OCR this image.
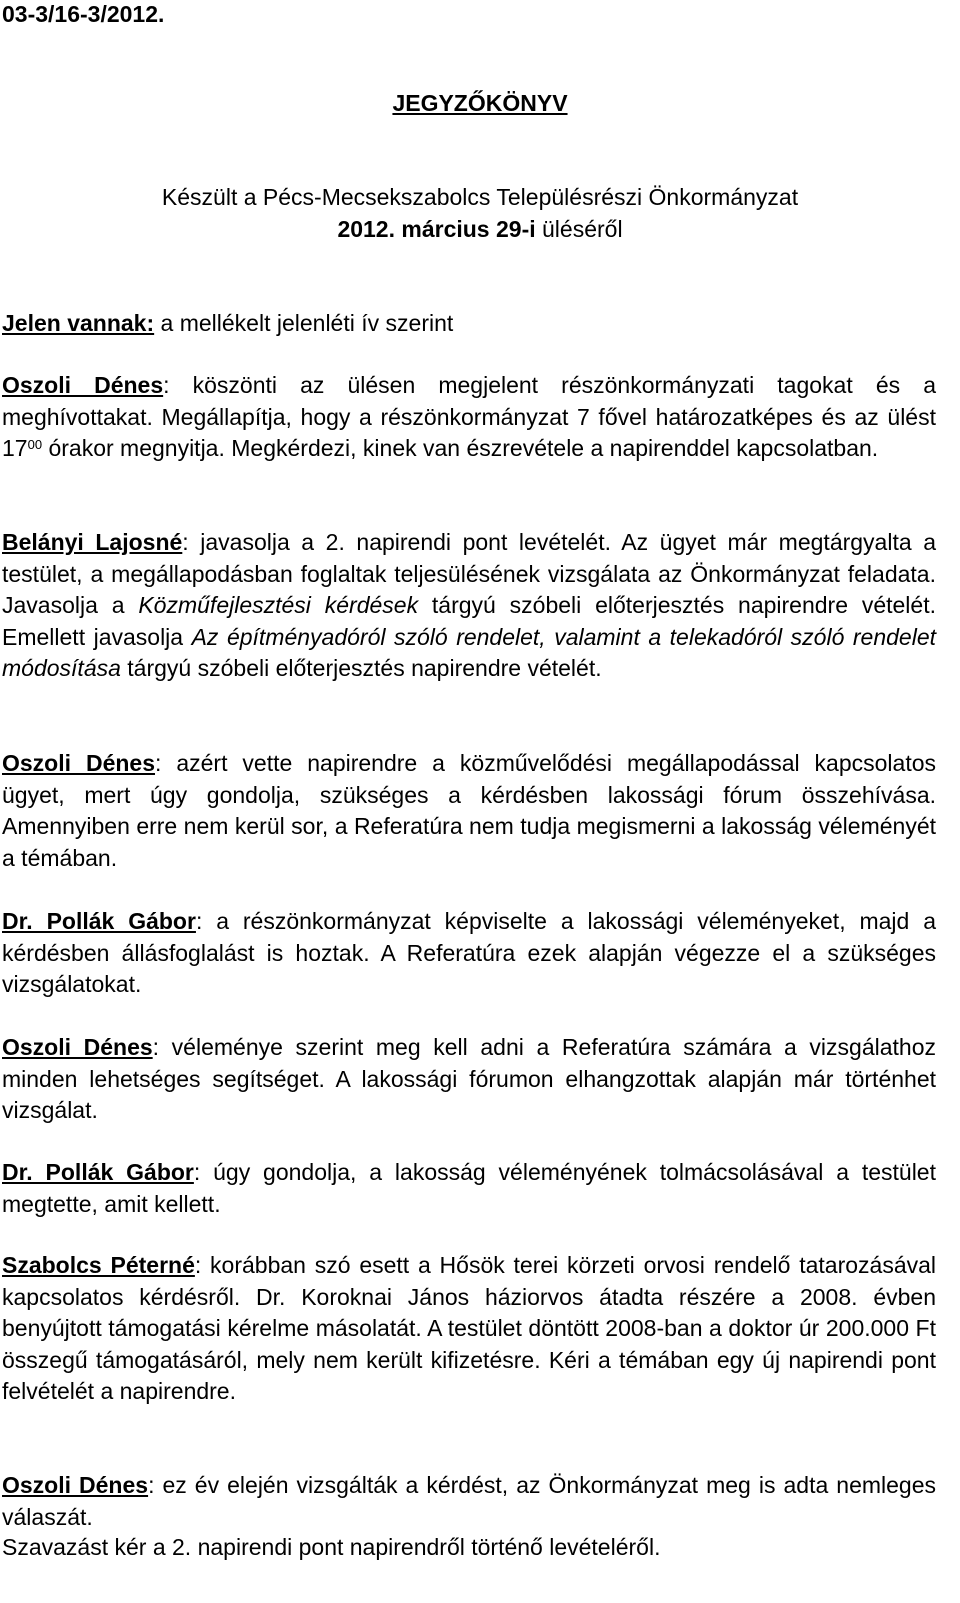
03-3/16-3/2012.
JEGYZŐKÖNYV
Készült a Pécs-Mecsekszabolcs Településrészi Önkormányzat
2012. március 29-i üléséről
Jelen vannak: a mellékelt jelenléti ív szerint
Oszoli Dénes: köszönti az ülésen megjelent részönkormányzati tagokat és a meghívottakat. Megállapítja, hogy a részönkormányzat 7 fővel határozatképes és az ülést $17^{00}$ órakor megnyitja. Megkérdezi, kinek van észrevétele a napirenddel kapcsolatban.
Belányi Lajosné: javasolja a 2. napirendi pont levételét. Az ügyet már megtárgyalta a testület, a megállapodásban foglaltak teljesülésének vizsgálata az Önkormányzat feladata. Javasolja a Közműfejlesztési kérdések tárgyú szóbeli előterjesztés napirendre vételét. Emellett javasolja Az építményadóról szóló rendelet, valamint a telekadóról szóló rendelet módosítása tárgyú szóbeli előterjesztés napirendre vételét.
Oszoli Dénes: azért vette napirendre a közművelődési megállapodással kapcsolatos ügyet, mert úgy gondolja, szükséges a kérdésben lakossági fórum összehívása. Amennyiben erre nem kerül sor, a Referatúra nem tudja megismerni a lakosság véleményét a témában.
Dr. Pollák Gábor: a részönkormányzat képviselte a lakossági véleményeket, majd a kérdésben állásfoglalást is hoztak. A Referatúra ezek alapján végezze el a szükséges vizsgálatokat.
Oszoli Dénes: véleménye szerint meg kell adni a Referatúra számára a vizsgálathoz minden lehetséges segítséget. A lakossági fórumon elhangzottak alapján már történhet vizsgálat.
Dr. Pollák Gábor: úgy gondolja, a lakosság véleményének tolmácsolásával a testület megtette, amit kellett.
Szabolcs Péterné: korábban szó esett a Hősök terei körzeti orvosi rendelő tatarozásával kapcsolatos kérdésről. Dr. Koroknai János háziorvos átadta részére a 2008. évben benyújtott támogatási kérelme másolatát. A testület döntött 2008-ban a doktor úr 200.000 Ft összegű támogatásáról, mely nem került kifizetésre. Kéri a témában egy új napirendi pont felvételét a napirendre.
Oszoli Dénes: ez év elején vizsgálták a kérdést, az Önkormányzat meg is adta nemleges válaszát.
Szavazást kér a 2. napirendi pont napirendről történő levételéről.
